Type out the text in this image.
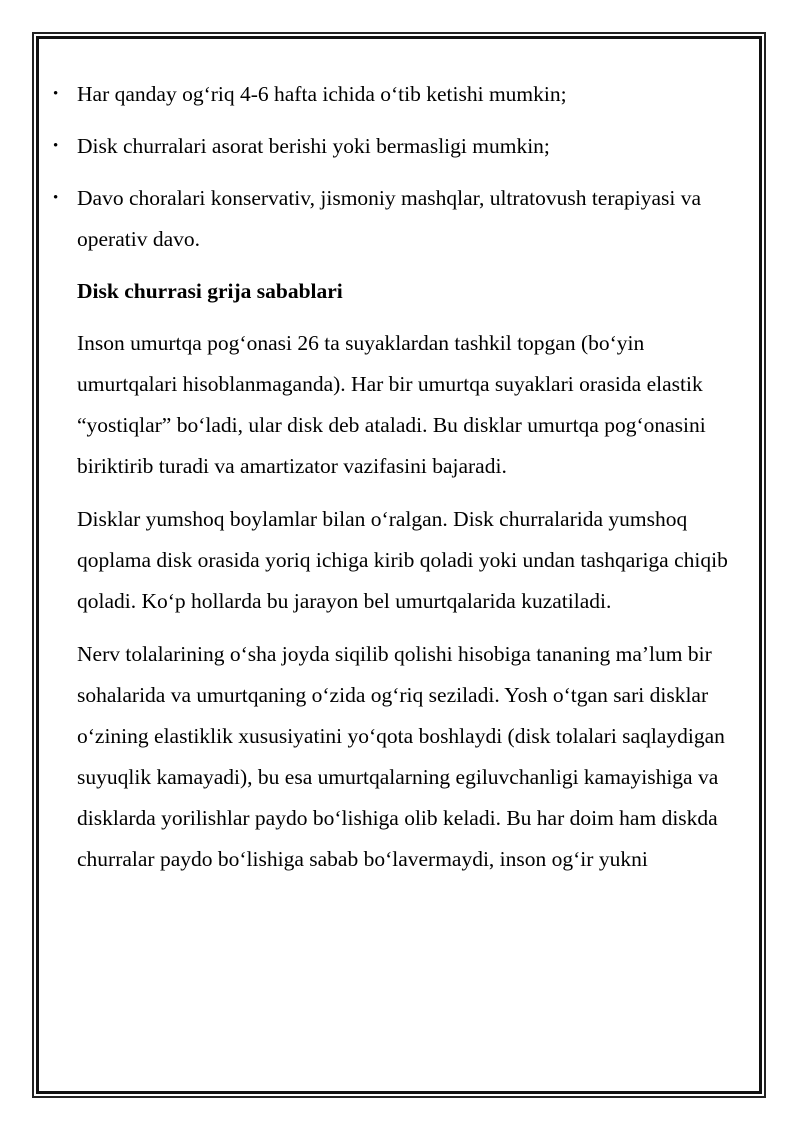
• Har qanday og‘riq 4-6 hafta ichida o‘tib ketishi mumkin;
• Disk churralari asorat berishi yoki bermasligi mumkin;
• Davo choralari konservativ, jismoniy mashqlar, ultratovush terapiyasi va operativ davo.
Disk churrasi grija sabablari

Inson umurtqa pog‘onasi 26 ta suyaklardan tashkil topgan (bo‘yin umurtqalari hisoblanmaganda). Har bir umurtqa suyaklari orasida elastik “yostiqlar” bo‘ladi, ular disk deb ataladi. Bu disklar umurtqa pog‘onasini biriktirib turadi va amartizator vazifasini bajaradi.

Disklar yumshoq boylamlar bilan o‘ralgan. Disk churralarida yumshoq qoplama disk orasida yoriq ichiga kirib qoladi yoki undan tashqariga chiqib qoladi. Ko‘p hollarda bu jarayon bel umurtqalarida kuzatiladi.

Nerv tolalarining o‘sha joyda siqilib qolishi hisobiga tananing ma’lum bir sohalarida va umurtqaning o‘zida og‘riq seziladi. Yosh o‘tgan sari disklar o‘zining elastiklik xususiyatini yo‘qota boshlaydi (disk tolalari saqlaydigan suyuqlik kamayadi), bu esa umurtqalarning egiluvchanligi kamayishiga va disklarda yorilishlar paydo bo‘lishiga olib keladi. Bu har doim ham diskda churralar paydo bo‘lishiga sabab bo‘lavermaydi, inson og‘ir yukni
